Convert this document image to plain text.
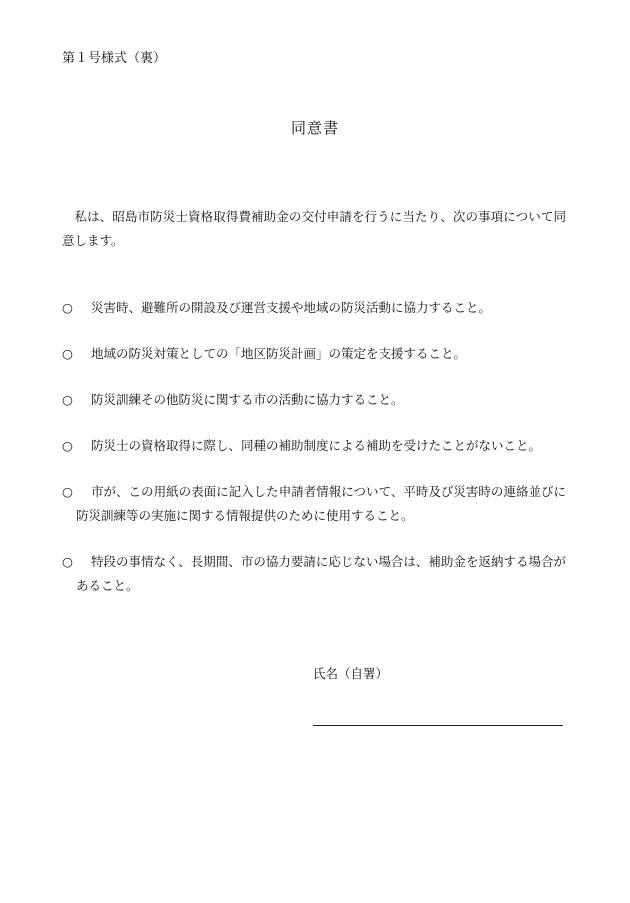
第１号様式（裏）
同意書

私は、昭島市防災士資格取得費補助金の交付申請を行うに当たり、次の事項について同意します。

○	災害時、避難所の開設及び運営支援や地域の防災活動に協力すること。
○	地域の防災対策としての「地区防災計画」の策定を支援すること。
○	防災訓練その他防災に関する市の活動に協力すること。
○	防災士の資格取得に際し、同種の補助制度による補助を受けたことがないこと。
○	市が、この用紙の表面に記入した申請者情報について、平時及び災害時の連絡並びに防災訓練等の実施に関する情報提供のために使用すること。
○	特段の事情なく、長期間、市の協力要請に応じない場合は、補助金を返納する場合があること。
氏名（自署）
